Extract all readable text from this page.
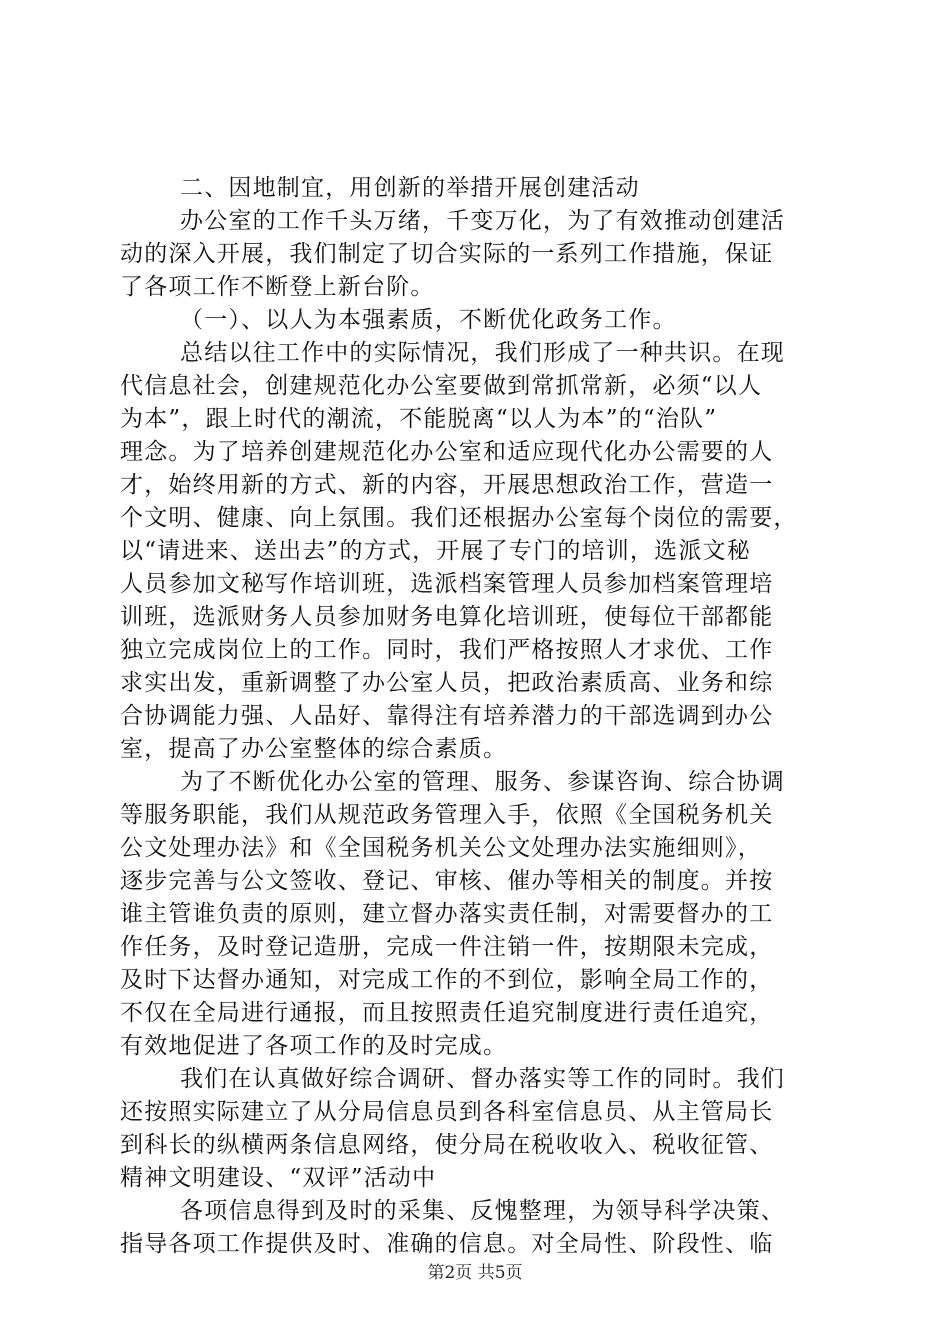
二、因地制宜，用创新的举措开展创建活动
办公室的工作千头万绪，千变万化，为了有效推动创建活
动的深入开展，我们制定了切合实际的一系列工作措施，保证
了各项工作不断登上新台阶。
（一）、以人为本强素质，不断优化政务工作。
总结以往工作中的实际情况，我们形成了一种共识。在现
代信息社会，创建规范化办公室要做到常抓常新，必须“以人
为本”，跟上时代的潮流，不能脱离“以人为本”的“治队”
理念。为了培养创建规范化办公室和适应现代化办公需要的人
才，始终用新的方式、新的内容，开展思想政治工作，营造一
个文明、健康、向上氛围。我们还根据办公室每个岗位的需要，
以“请进来、送出去”的方式，开展了专门的培训，选派文秘
人员参加文秘写作培训班，选派档案管理人员参加档案管理培
训班，选派财务人员参加财务电算化培训班，使每位干部都能
独立完成岗位上的工作。同时，我们严格按照人才求优、工作
求实出发，重新调整了办公室人员，把政治素质高、业务和综
合协调能力强、人品好、靠得注有培养潜力的干部选调到办公
室，提高了办公室整体的综合素质。
为了不断优化办公室的管理、服务、参谋咨询、综合协调
等服务职能，我们从规范政务管理入手，依照《全国税务机关
公文处理办法》和《全国税务机关公文处理办法实施细则》，
逐步完善与公文签收、登记、审核、催办等相关的制度。并按
谁主管谁负责的原则，建立督办落实责任制，对需要督办的工
作任务，及时登记造册，完成一件注销一件，按期限未完成，
及时下达督办通知，对完成工作的不到位，影响全局工作的，
不仅在全局进行通报，而且按照责任追究制度进行责任追究，
有效地促进了各项工作的及时完成。
我们在认真做好综合调研、督办落实等工作的同时。我们
还按照实际建立了从分局信息员到各科室信息员、从主管局长
到科长的纵横两条信息网络，使分局在税收收入、税收征管、
精神文明建设、“双评”活动中
各项信息得到及时的采集、反愧整理，为领导科学决策、
指导各项工作提供及时、准确的信息。对全局性、阶段性、临
第2页 共5页
